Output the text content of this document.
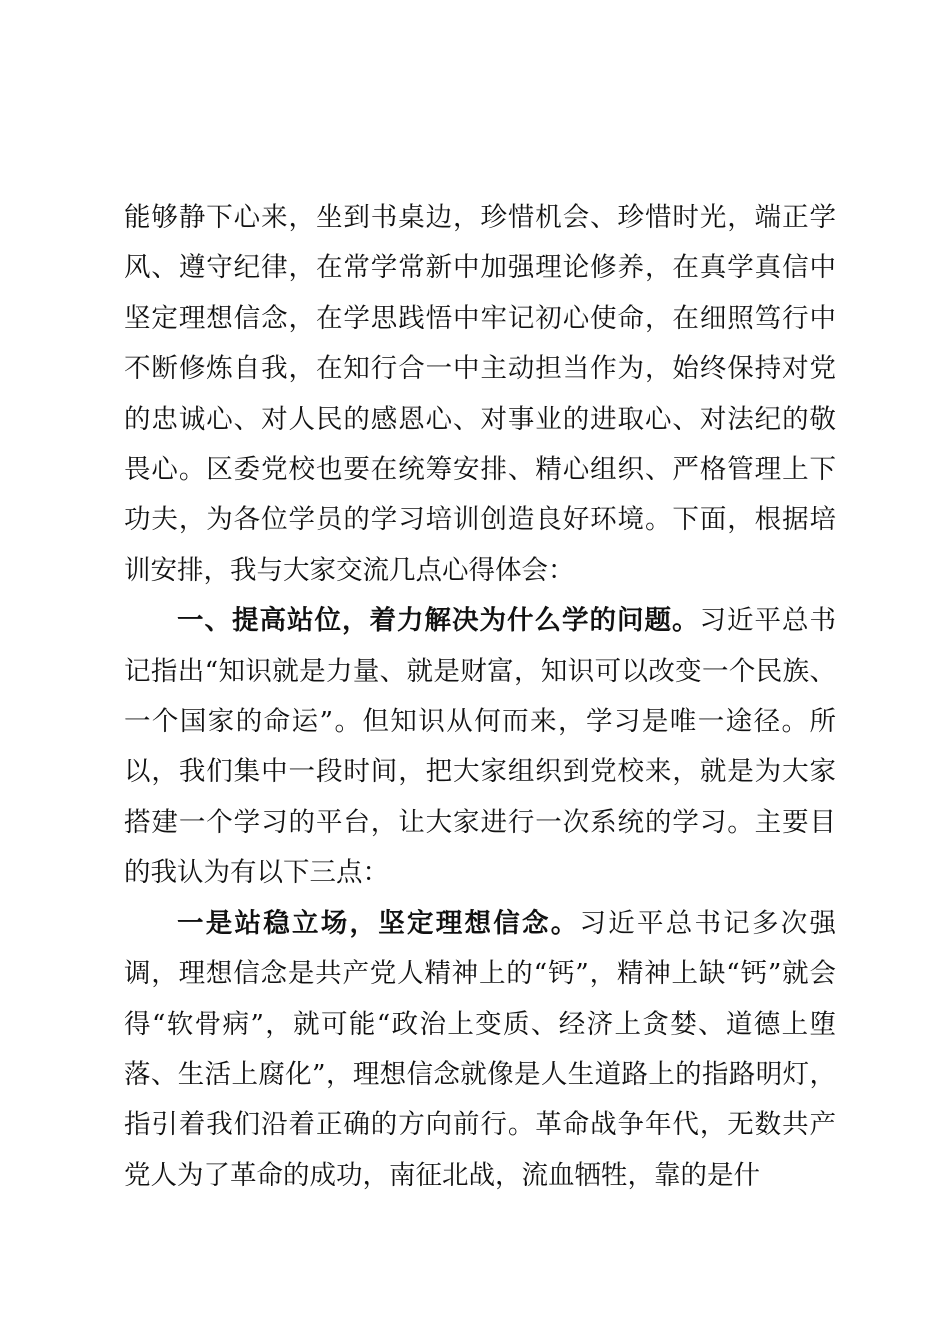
能够静下心来，坐到书桌边，珍惜机会、珍惜时光，端正学风、遵守纪律，在常学常新中加强理论修养，在真学真信中坚定理想信念，在学思践悟中牢记初心使命，在细照笃行中不断修炼自我，在知行合一中主动担当作为，始终保持对党的忠诚心、对人民的感恩心、对事业的进取心、对法纪的敬畏心。区委党校也要在统筹安排、精心组织、严格管理上下功夫，为各位学员的学习培训创造良好环境。下面，根据培训安排，我与大家交流几点心得体会：

一、提高站位，着力解决为什么学的问题。习近平总书记指出“知识就是力量、就是财富，知识可以改变一个民族、一个国家的命运”。但知识从何而来，学习是唯一途径。所以，我们集中一段时间，把大家组织到党校来，就是为大家搭建一个学习的平台，让大家进行一次系统的学习。主要目的我认为有以下三点：

一是站稳立场，坚定理想信念。习近平总书记多次强调，理想信念是共产党人精神上的“钙”，精神上缺“钙”就会得“软骨病”，就可能“政治上变质、经济上贪婪、道德上堕落、生活上腐化”，理想信念就像是人生道路上的指路明灯，指引着我们沿着正确的方向前行。革命战争年代，无数共产党人为了革命的成功，南征北战，流血牺牲，靠的是什
